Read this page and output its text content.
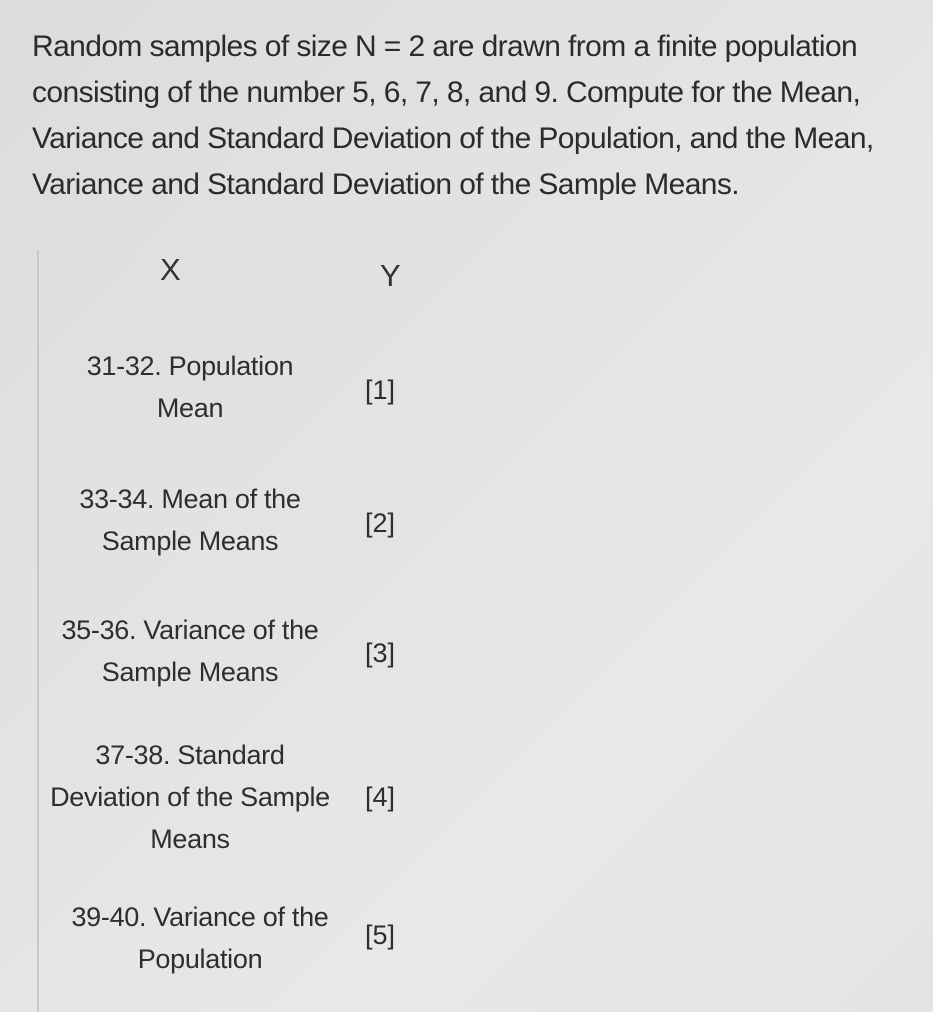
Random samples of size N = 2 are drawn from a finite population consisting of the number 5, 6, 7, 8, and 9. Compute for the Mean, Variance and Standard Deviation of the Population, and the Mean, Variance and Standard Deviation of the Sample Means.

X	Y
31-32. Population Mean
[1]
33-34. Mean of the Sample Means
[2]
35-36. Variance of the Sample Means
[3]
37-38. Standard Deviation of the Sample Means
[4]
39-40. Variance of the Population
[5]
